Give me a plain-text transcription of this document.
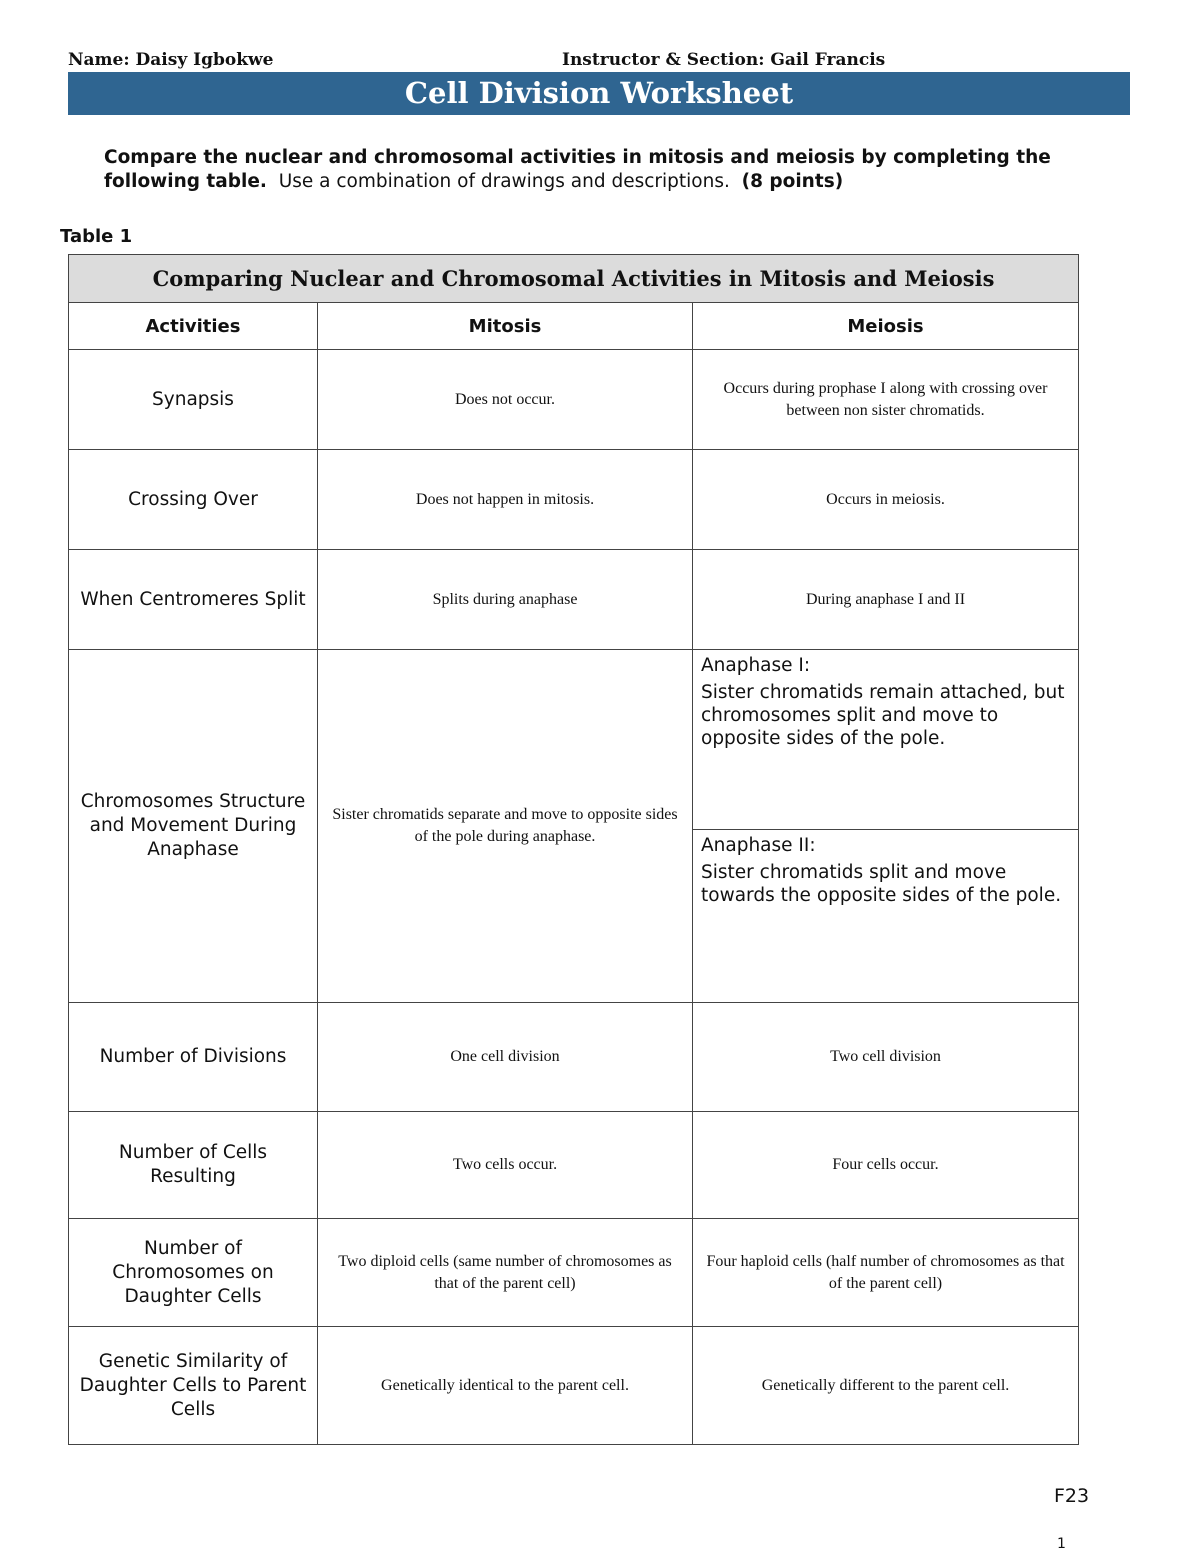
Name: Daisy Igbokwe	Instructor & Section: Gail Francis
Cell Division Worksheet
Compare the nuclear and chromosomal activities in mitosis and meiosis by completing the following table. Use a combination of drawings and descriptions. (8 points)
Table 1
Comparing Nuclear and Chromosomal Activities in Mitosis and Meiosis		
Activities	Mitosis	Meiosis
Synapsis	Does not occur.	Occurs during prophase I along with crossing over between non sister chromatids.
Crossing Over	Does not happen in mitosis.	Occurs in meiosis.
When Centromeres Split	Splits during anaphase	During anaphase I and II
Chromosomes Structure and Movement During Anaphase	Sister chromatids separate and move to opposite sides of the pole during anaphase.	Anaphase I:

Sister chromatids remain attached, but chromosomes split and move to opposite sides of the pole.

Anaphase II:

Sister chromatids split and move towards the opposite sides of the pole.

Number of Divisions	One cell division	Two cell division
Number of Cells Resulting	Two cells occur.	Four cells occur.
Number of Chromosomes on Daughter Cells	Two diploid cells (same number of chromosomes as that of the parent cell)	Four haploid cells (half number of chromosomes as that of the parent cell)
Genetic Similarity of Daughter Cells to Parent Cells	Genetically identical to the parent cell.	Genetically different to the parent cell.
F23
1
